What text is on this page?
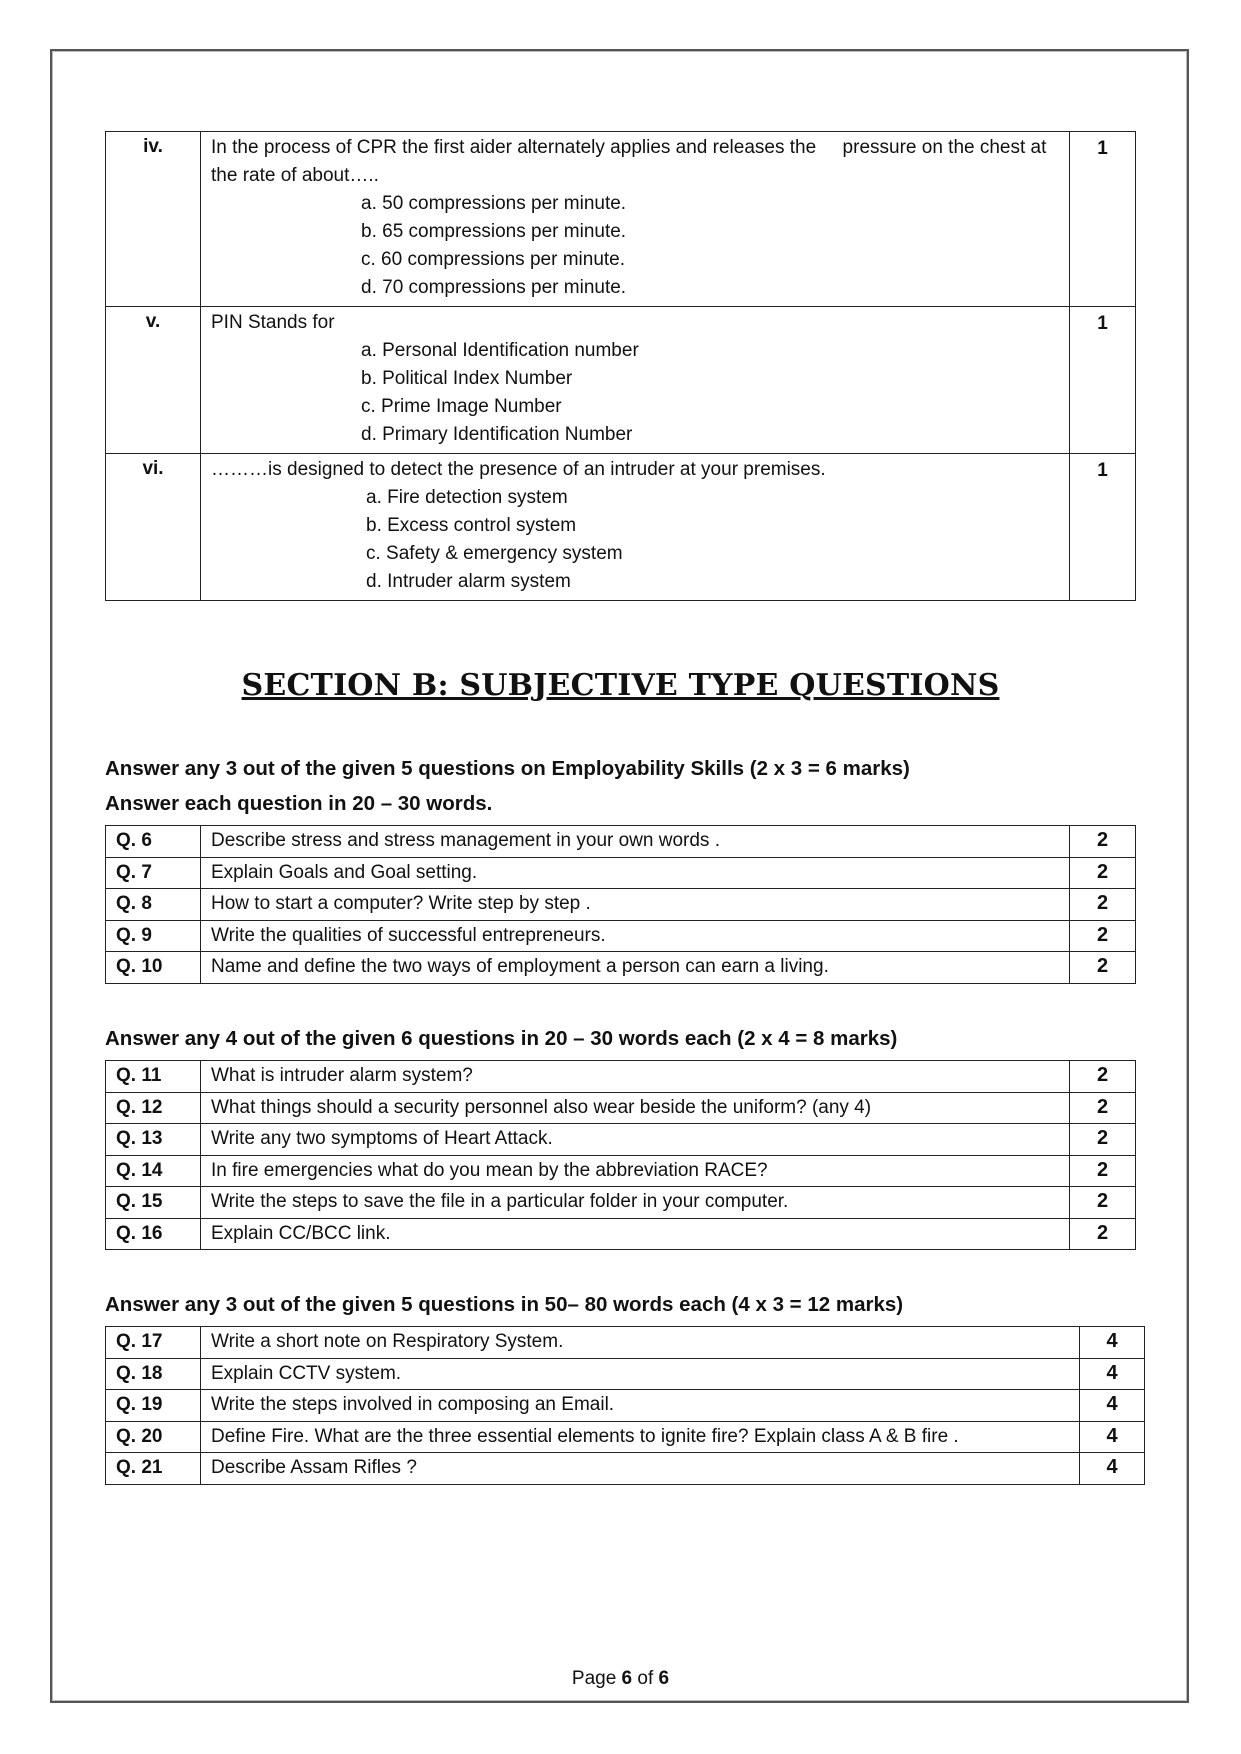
iv.	In the process of CPR the first aider alternately applies and releases the     pressure on the chest at  the rate of about…..
a. 50 compressions per minute.
b. 65 compressions per minute.
c. 60 compressions per minute.
d. 70 compressions per minute.	1
v.	PIN Stands for
a. Personal Identification number
b. Political Index Number
c. Prime Image Number
d. Primary Identification Number	1
vi.	………is designed to detect the presence of an intruder at your premises.
a. Fire detection system
b. Excess control system
c. Safety & emergency system
d. Intruder alarm system	1
SECTION B: SUBJECTIVE TYPE QUESTIONS
Answer any 3 out of the given 5 questions on Employability Skills (2 x 3 = 6 marks)
Answer each question in 20 – 30 words.
Q. 6	Describe stress and stress management in your own words .	2
Q. 7	Explain Goals and Goal setting.	2
Q. 8	How to start a computer? Write step by step .	2
Q. 9	Write the qualities of successful entrepreneurs.	2
Q. 10	Name and define the two ways of employment a person can earn a living.	2
Answer any 4 out of the given 6 questions in 20 – 30 words each (2 x 4 = 8 marks)
Q. 11	What is intruder alarm system?	2
Q. 12	What things should a security personnel also wear beside the uniform? (any 4)	2
Q. 13	Write any two symptoms of Heart Attack.	2
Q. 14	In fire emergencies what do you mean by the abbreviation RACE?	2
Q. 15	Write the steps to save the file in a particular folder in your computer.	2
Q. 16	Explain CC/BCC link.	2
Answer any 3 out of the given 5 questions in 50– 80 words each (4 x 3 = 12 marks)
Q. 17	Write a short note on Respiratory System.	4
Q. 18	Explain CCTV system.	4
Q. 19	Write the steps involved in composing an Email.	4
Q. 20	Define Fire. What are the three essential elements to ignite fire? Explain class A & B fire .	4
Q. 21	Describe Assam Rifles ?	4
Page 6 of 6
